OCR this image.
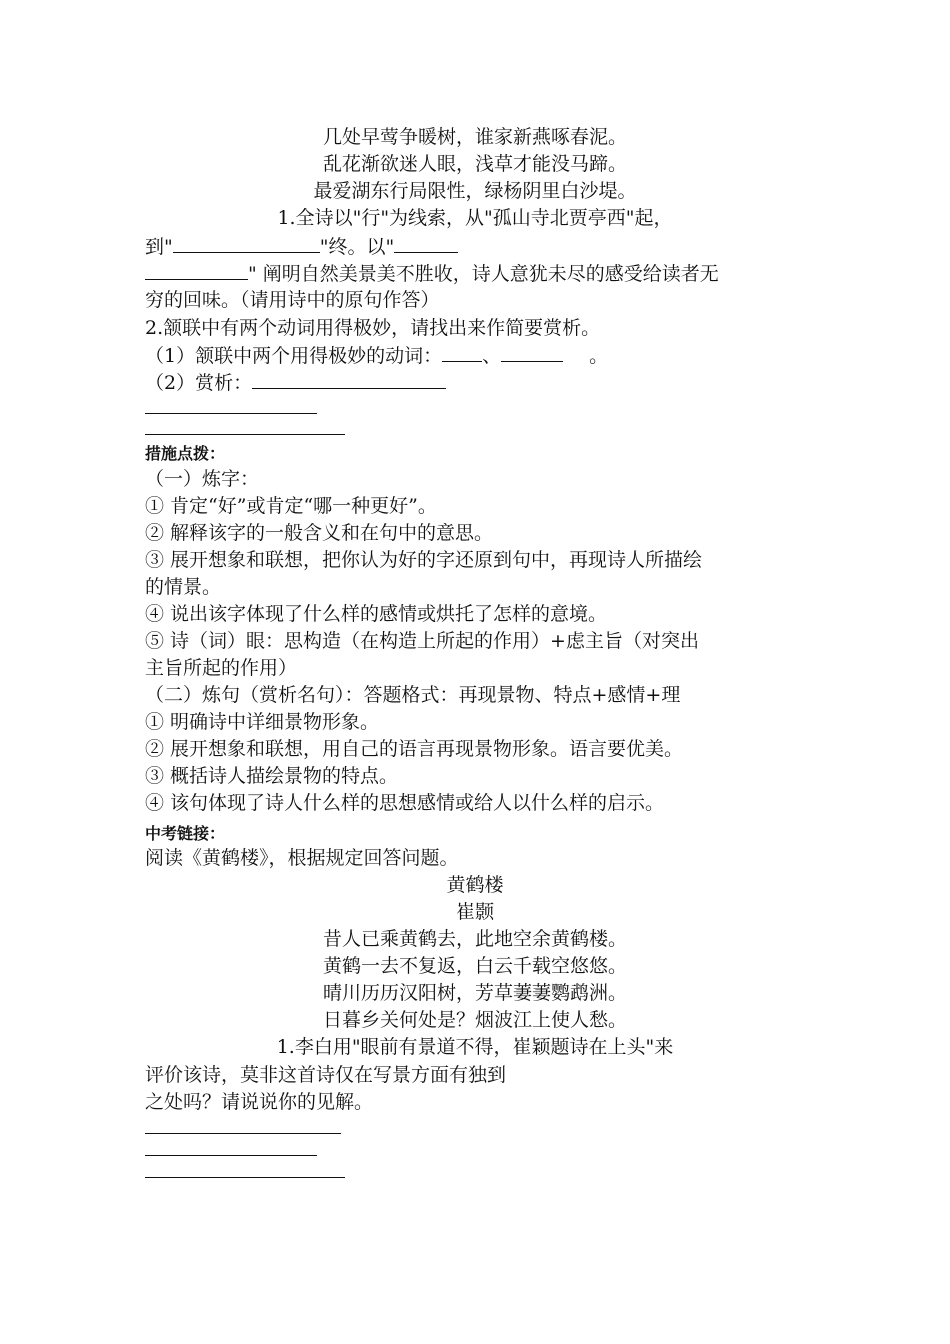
几处早莺争暖树，谁家新燕啄春泥。
乱花渐欲迷人眼，浅草才能没马蹄。
最爱湖东行局限性，绿杨阴里白沙堤。
1.全诗以"行"为线索，从"孤山寺北贾亭西"起，
到"	"终。以"
" 阐明自然美景美不胜收，诗人意犹未尽的感受给读者无
穷的回味。（请用诗中的原句作答）
2.颔联中有两个动词用得极妙，请找出来作简要赏析。
（1）颔联中两个用得极妙的动词： 、	。
（2）赏析：
措施点拨：
（一）炼字：
① 肯定“好”或肯定“哪一种更好”。
② 解释该字的一般含义和在句中的意思。
③ 展开想象和联想，把你认为好的字还原到句中，再现诗人所描绘
的情景。
④ 说出该字体现了什么样的感情或烘托了怎样的意境。
⑤ 诗（词）眼：思构造（在构造上所起的作用）+虑主旨（对突出
主旨所起的作用）
（二）炼句（赏析名句）：答题格式：再现景物、特点+感情+理
① 明确诗中详细景物形象。
② 展开想象和联想，用自己的语言再现景物形象。语言要优美。
③ 概括诗人描绘景物的特点。
④ 该句体现了诗人什么样的思想感情或给人以什么样的启示。
中考链接：
阅读《黄鹤楼》，根据规定回答问题。
黄鹤楼
崔颢
昔人已乘黄鹤去，此地空余黄鹤楼。
黄鹤一去不复返，白云千载空悠悠。
晴川历历汉阳树，芳草萋萋鹦鹉洲。
日暮乡关何处是？烟波江上使人愁。
1.李白用"眼前有景道不得，崔颖题诗在上头"来
评价该诗，莫非这首诗仅在写景方面有独到
之处吗？请说说你的见解。
